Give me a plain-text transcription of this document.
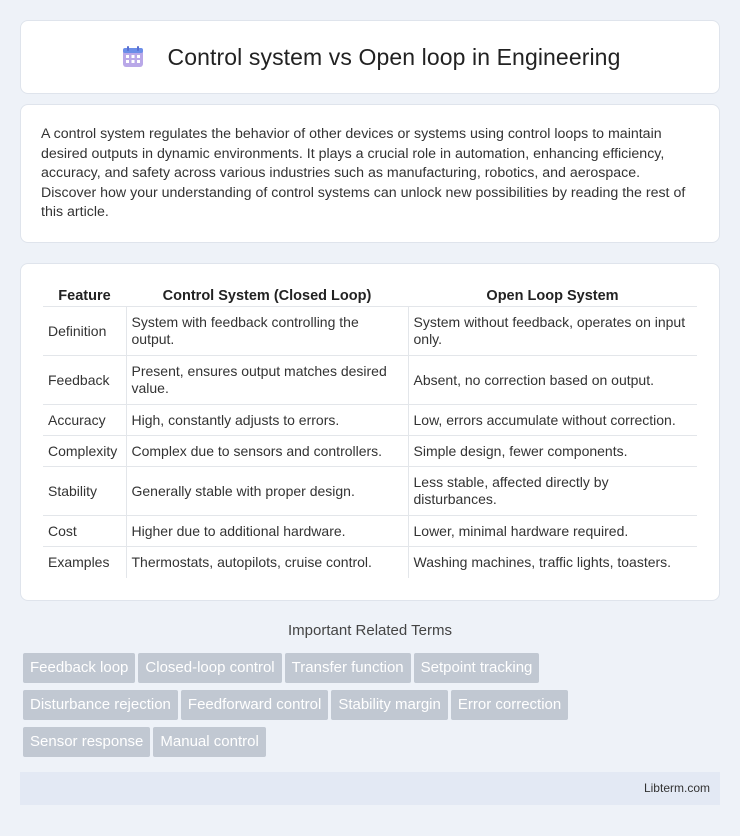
Control system vs Open loop in Engineering

A control system regulates the behavior of other devices or systems using control loops to maintain desired outputs in dynamic environments. It plays a crucial role in automation, enhancing efficiency, accuracy, and safety across various industries such as manufacturing, robotics, and aerospace. Discover how your understanding of control systems can unlock new possibilities by reading the rest of this article.

Feature	Control System (Closed Loop)	Open Loop System
Definition	System with feedback controlling the output.	System without feedback, operates on input only.
Feedback	Present, ensures output matches desired value.	Absent, no correction based on output.
Accuracy	High, constantly adjusts to errors.	Low, errors accumulate without correction.
Complexity	Complex due to sensors and controllers.	Simple design, fewer components.
Stability	Generally stable with proper design.	Less stable, affected directly by disturbances.
Cost	Higher due to additional hardware.	Lower, minimal hardware required.
Examples	Thermostats, autopilots, cruise control.	Washing machines, traffic lights, toasters.
Important Related Terms
Feedback loop Closed-loop control Transfer function Setpoint tracking
Disturbance rejection Feedforward control Stability margin Error correction
Sensor response Manual control
Libterm.com
